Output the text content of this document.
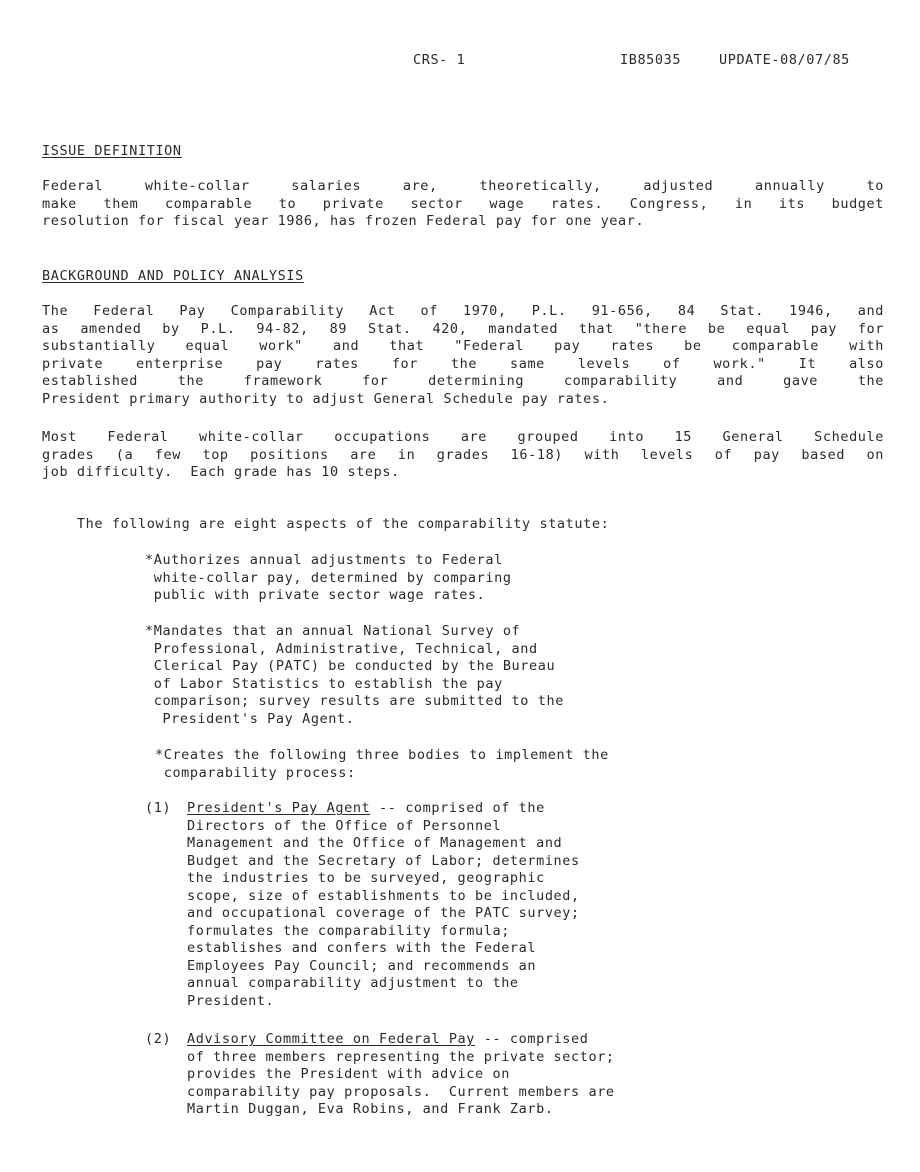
CRS- 1	IB85035	UPDATE-08/07/85
ISSUE DEFINITION
Federal white-collar salaries are, theoretically, adjusted annually to
make them comparable to private sector wage rates. Congress, in its budget
resolution for fiscal year 1986, has frozen Federal pay for one year.
BACKGROUND AND POLICY ANALYSIS
The Federal Pay Comparability Act of 1970, P.L. 91-656, 84 Stat. 1946, and
as amended by P.L. 94-82, 89 Stat. 420, mandated that "there be equal pay for
substantially equal work" and that "Federal pay rates be comparable with
private enterprise pay rates for the same levels of work." It also
established the framework for determining comparability and gave the
President primary authority to adjust General Schedule pay rates.
Most Federal white-collar occupations are grouped into 15 General Schedule
grades (a few top positions are in grades 16-18) with levels of pay based on
job difficulty.  Each grade has 10 steps.
The following are eight aspects of the comparability statute:
*Authorizes annual adjustments to Federal
white-collar pay, determined by comparing
public with private sector wage rates.
*Mandates that an annual National Survey of
Professional, Administrative, Technical, and
Clerical Pay (PATC) be conducted by the Bureau
of Labor Statistics to establish the pay
comparison; survey results are submitted to the
President's Pay Agent.
*Creates the following three bodies to implement the
comparability process:
(1) President's Pay Agent -- comprised of the
Directors of the Office of Personnel
Management and the Office of Management and
Budget and the Secretary of Labor; determines
the industries to be surveyed, geographic
scope, size of establishments to be included,
and occupational coverage of the PATC survey;
formulates the comparability formula;
establishes and confers with the Federal
Employees Pay Council; and recommends an
annual comparability adjustment to the
President.
(2) Advisory Committee on Federal Pay -- comprised
of three members representing the private sector;
provides the President with advice on
comparability pay proposals.  Current members are
Martin Duggan, Eva Robins, and Frank Zarb.
